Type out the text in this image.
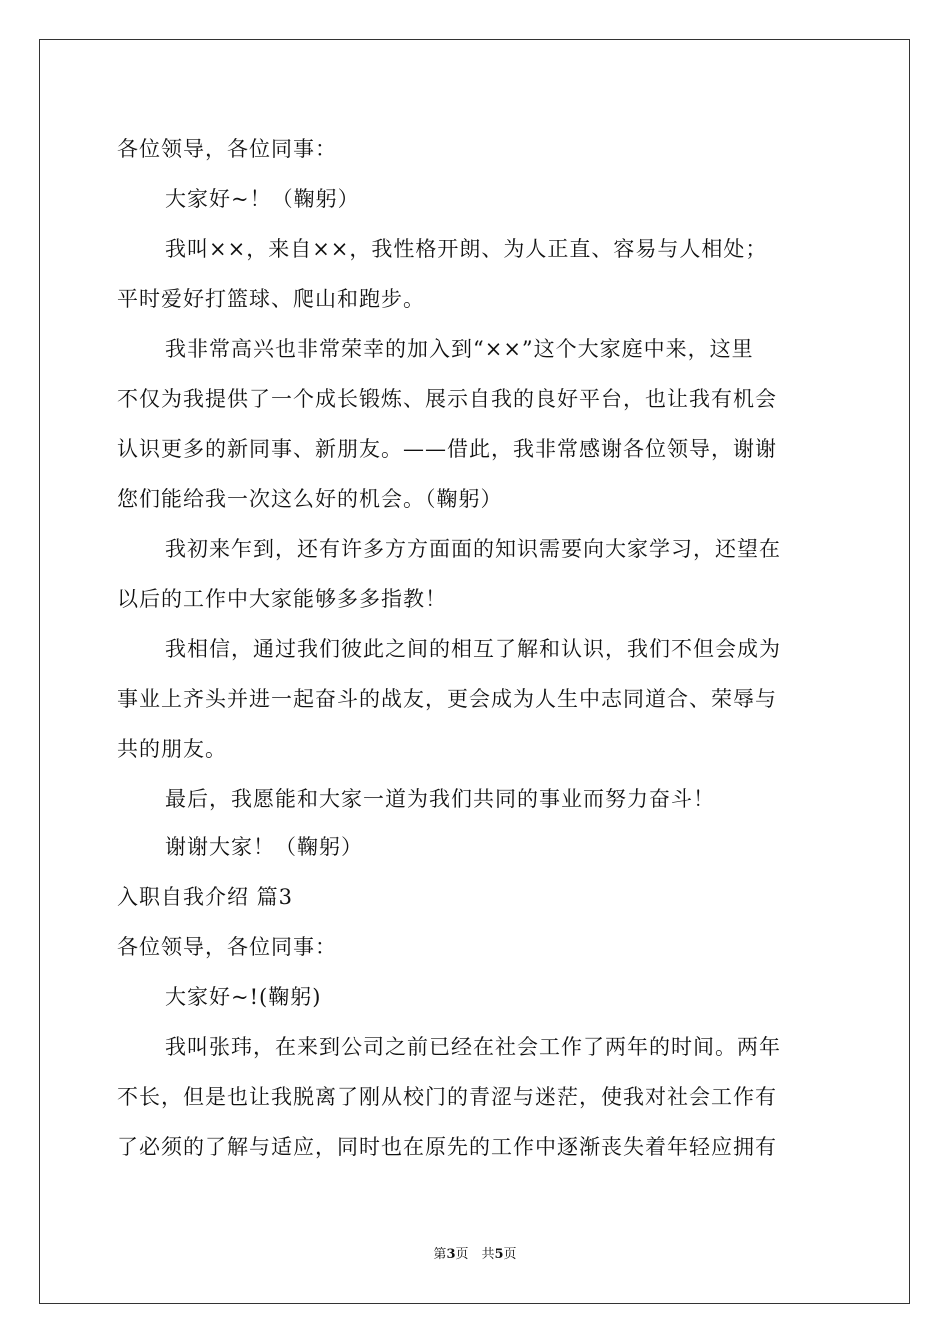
各位领导，各位同事：
大家好~！（鞠躬）
我叫××，来自××，我性格开朗、为人正直、容易与人相处；
平时爱好打篮球、爬山和跑步。
我非常高兴也非常荣幸的加入到“××”这个大家庭中来，这里
不仅为我提供了一个成长锻炼、展示自我的良好平台，也让我有机会
认识更多的新同事、新朋友。——借此，我非常感谢各位领导，谢谢
您们能给我一次这么好的机会。（鞠躬）
我初来乍到，还有许多方方面面的知识需要向大家学习，还望在
以后的工作中大家能够多多指教！
我相信，通过我们彼此之间的相互了解和认识，我们不但会成为
事业上齐头并进一起奋斗的战友，更会成为人生中志同道合、荣辱与
共的朋友。
最后，我愿能和大家一道为我们共同的事业而努力奋斗！
谢谢大家！（鞠躬）
入职自我介绍 篇3
各位领导，各位同事：
大家好~!(鞠躬)
我叫张玮，在来到公司之前已经在社会工作了两年的时间。两年
不长，但是也让我脱离了刚从校门的青涩与迷茫，使我对社会工作有
了必须的了解与适应，同时也在原先的工作中逐渐丧失着年轻应拥有
第3页　共5页
